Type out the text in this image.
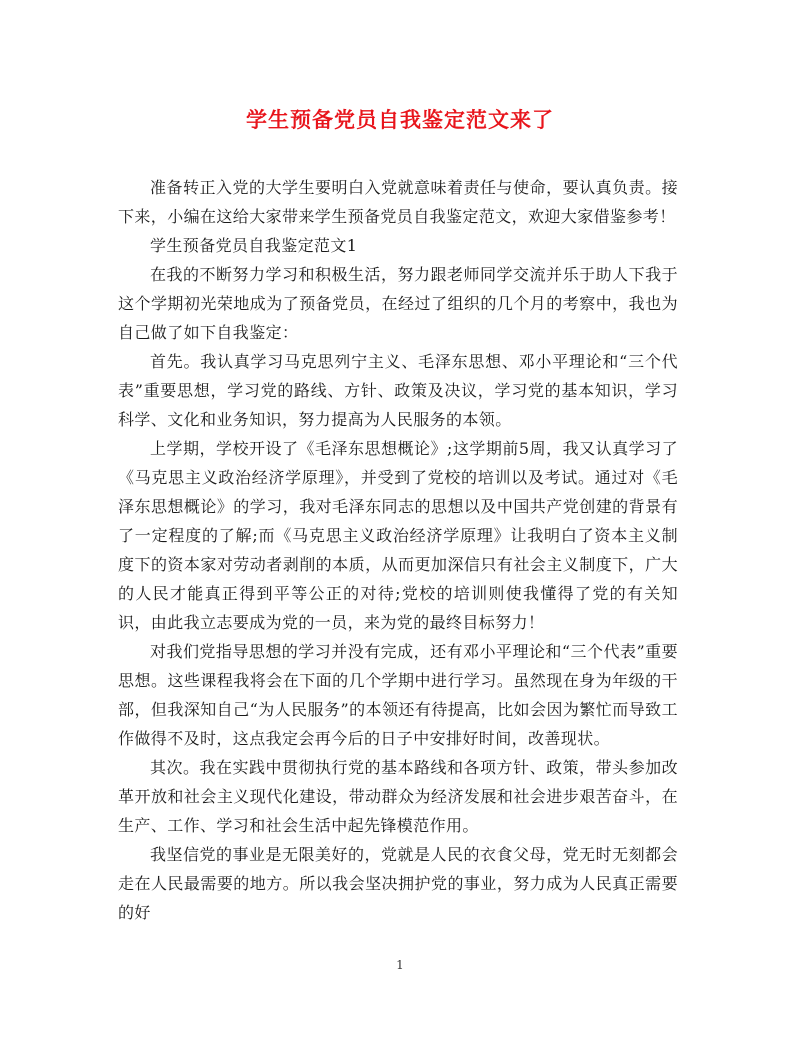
学生预备党员自我鉴定范文来了

准备转正入党的大学生要明白入党就意味着责任与使命，要认真负责。接下来，小编在这给大家带来学生预备党员自我鉴定范文，欢迎大家借鉴参考！

学生预备党员自我鉴定范文1

在我的不断努力学习和积极生活，努力跟老师同学交流并乐于助人下我于这个学期初光荣地成为了预备党员，在经过了组织的几个月的考察中，我也为自己做了如下自我鉴定：

首先。我认真学习马克思列宁主义、毛泽东思想、邓小平理论和“三个代表”重要思想，学习党的路线、方针、政策及决议，学习党的基本知识，学习科学、文化和业务知识，努力提高为人民服务的本领。

上学期，学校开设了《毛泽东思想概论》;这学期前5周，我又认真学习了《马克思主义政治经济学原理》，并受到了党校的培训以及考试。通过对《毛泽东思想概论》的学习，我对毛泽东同志的思想以及中国共产党创建的背景有了一定程度的了解;而《马克思主义政治经济学原理》让我明白了资本主义制度下的资本家对劳动者剥削的本质，从而更加深信只有社会主义制度下，广大的人民才能真正得到平等公正的对待;党校的培训则使我懂得了党的有关知识，由此我立志要成为党的一员，来为党的最终目标努力！

对我们党指导思想的学习并没有完成，还有邓小平理论和“三个代表”重要思想。这些课程我将会在下面的几个学期中进行学习。虽然现在身为年级的干部，但我深知自己“为人民服务”的本领还有待提高，比如会因为繁忙而导致工作做得不及时，这点我定会再今后的日子中安排好时间，改善现状。

其次。我在实践中贯彻执行党的基本路线和各项方针、政策，带头参加改革开放和社会主义现代化建设，带动群众为经济发展和社会进步艰苦奋斗，在生产、工作、学习和社会生活中起先锋模范作用。

我坚信党的事业是无限美好的，党就是人民的衣食父母，党无时无刻都会走在人民最需要的地方。所以我会坚决拥护党的事业，努力成为人民真正需要的好

1
